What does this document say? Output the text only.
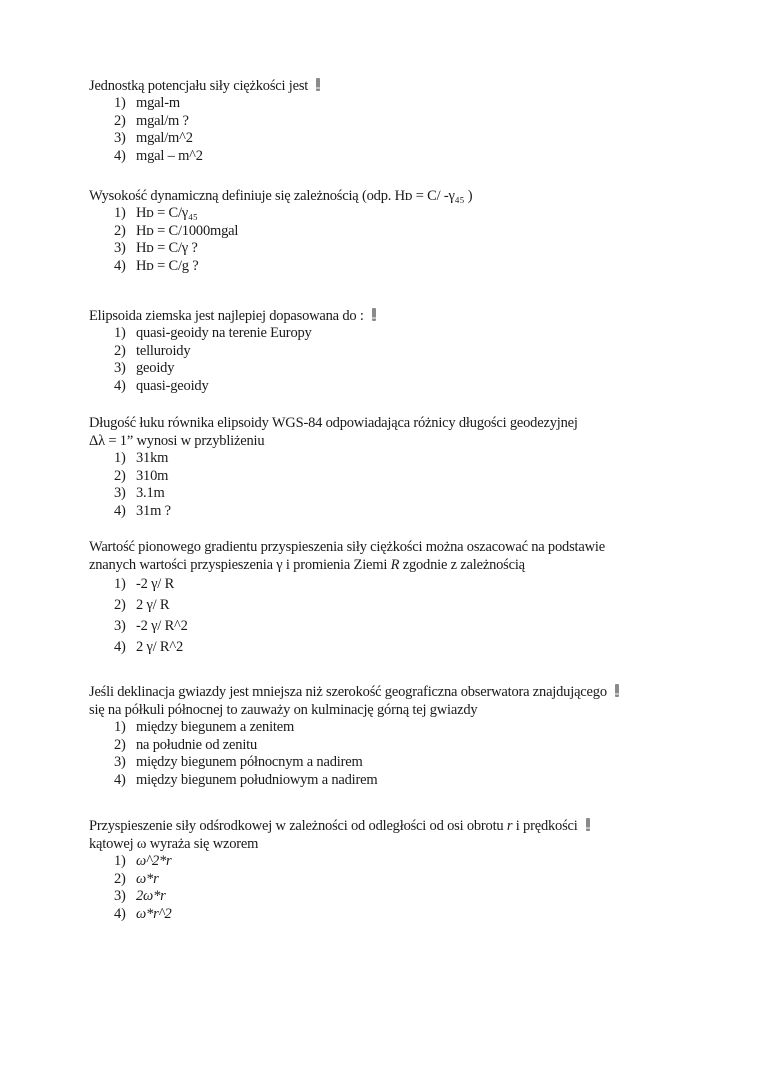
Jednostką potencjału siły ciężkości jest
1) mgal-m
2) mgal/m ?
3) mgal/m^2
4) mgal – m^2
Wysokość dynamiczną definiuje się zależnością (odp. Hᴅ = C/ -γ₄₅ )
1) Hᴅ = C/γ₄₅
2) Hᴅ = C/1000mgal
3) Hᴅ = C/γ ?
4) Hᴅ = C/g ?
Elipsoida ziemska jest najlepiej dopasowana do :
1) quasi-geoidy na terenie Europy
2) telluroidy
3) geoidy
4) quasi-geoidy
Długość łuku równika elipsoidy WGS-84 odpowiadająca różnicy długości geodezyjnej
Δλ = 1” wynosi w przybliżeniu
1) 31km
2) 310m
3) 3.1m
4) 31m ?
Wartość pionowego gradientu przyspieszenia siły ciężkości można oszacować na podstawie
znanych wartości przyspieszenia γ i promienia Ziemi R zgodnie z zależnością
1) -2 γ/ R
2) 2 γ/ R
3) -2 γ/ R^2
4) 2 γ/ R^2
Jeśli deklinacja gwiazdy jest mniejsza niż szerokość geograficzna obserwatora znajdującego
się na półkuli północnej to zauważy on kulminację górną tej gwiazdy
1) między biegunem a zenitem
2) na południe od zenitu
3) między biegunem północnym a nadirem
4) między biegunem południowym a nadirem
Przyspieszenie siły odśrodkowej w zależności od odległości od osi obrotu r i prędkości
kątowej ω wyraża się wzorem
1) ω^2*r
2) ω*r
3) 2ω*r
4) ω*r^2
